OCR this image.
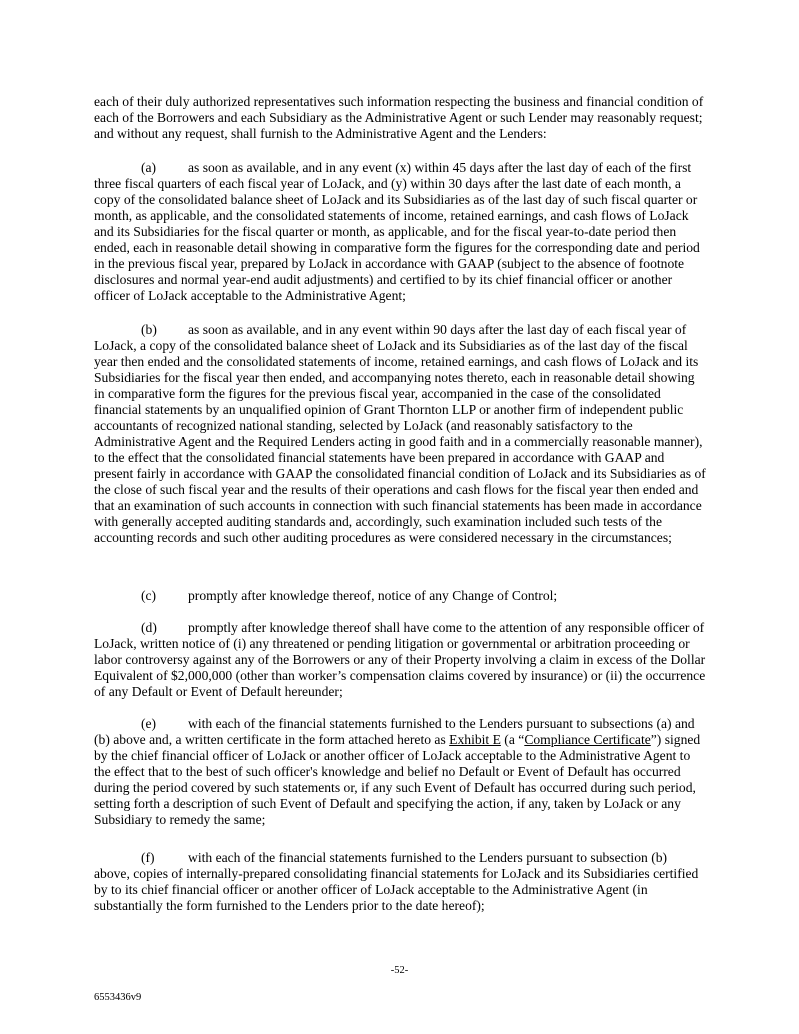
each of their duly authorized representatives such information respecting the business and financial condition of each of the Borrowers and each Subsidiary as the Administrative Agent or such Lender may reasonably request; and without any request, shall furnish to the Administrative Agent and the Lenders:

(a) as soon as available, and in any event (x) within 45 days after the last day of each of the first three fiscal quarters of each fiscal year of LoJack, and (y) within 30 days after the last date of each month, a copy of the consolidated balance sheet of LoJack and its Subsidiaries as of the last day of such fiscal quarter or month, as applicable, and the consolidated statements of income, retained earnings, and cash flows of LoJack and its Subsidiaries for the fiscal quarter or month, as applicable, and for the fiscal year-to-date period then ended, each in reasonable detail showing in comparative form the figures for the corresponding date and period in the previous fiscal year, prepared by LoJack in accordance with GAAP (subject to the absence of footnote disclosures and normal year-end audit adjustments) and certified to by its chief financial officer or another officer of LoJack acceptable to the Administrative Agent;

(b) as soon as available, and in any event within 90 days after the last day of each fiscal year of LoJack, a copy of the consolidated balance sheet of LoJack and its Subsidiaries as of the last day of the fiscal year then ended and the consolidated statements of income, retained earnings, and cash flows of LoJack and its Subsidiaries for the fiscal year then ended, and accompanying notes thereto, each in reasonable detail showing in comparative form the figures for the previous fiscal year, accompanied in the case of the consolidated financial statements by an unqualified opinion of Grant Thornton LLP or another firm of independent public accountants of recognized national standing, selected by LoJack (and reasonably satisfactory to the Administrative Agent and the Required Lenders acting in good faith and in a commercially reasonable manner), to the effect that the consolidated financial statements have been prepared in accordance with GAAP and present fairly in accordance with GAAP the consolidated financial condition of LoJack and its Subsidiaries as of the close of such fiscal year and the results of their operations and cash flows for the fiscal year then ended and that an examination of such accounts in connection with such financial statements has been made in accordance with generally accepted auditing standards and, accordingly, such examination included such tests of the accounting records and such other auditing procedures as were considered necessary in the circumstances;

(c) promptly after knowledge thereof, notice of any Change of Control;

(d) promptly after knowledge thereof shall have come to the attention of any responsible officer of LoJack, written notice of (i) any threatened or pending litigation or governmental or arbitration proceeding or labor controversy against any of the Borrowers or any of their Property involving a claim in excess of the Dollar Equivalent of $2,000,000 (other than worker’s compensation claims covered by insurance) or (ii) the occurrence of any Default or Event of Default hereunder;

(e) with each of the financial statements furnished to the Lenders pursuant to subsections (a) and (b) above and, a written certificate in the form attached hereto as Exhibit E (a “Compliance Certificate”) signed by the chief financial officer of LoJack or another officer of LoJack acceptable to the Administrative Agent to the effect that to the best of such officer's knowledge and belief no Default or Event of Default has occurred during the period covered by such statements or, if any such Event of Default has occurred during such period, setting forth a description of such Event of Default and specifying the action, if any, taken by LoJack or any Subsidiary to remedy the same;

(f) with each of the financial statements furnished to the Lenders pursuant to subsection (b) above, copies of internally-prepared consolidating financial statements for LoJack and its Subsidiaries certified by to its chief financial officer or another officer of LoJack acceptable to the Administrative Agent (in substantially the form furnished to the Lenders prior to the date hereof);

-52-
6553436v9
